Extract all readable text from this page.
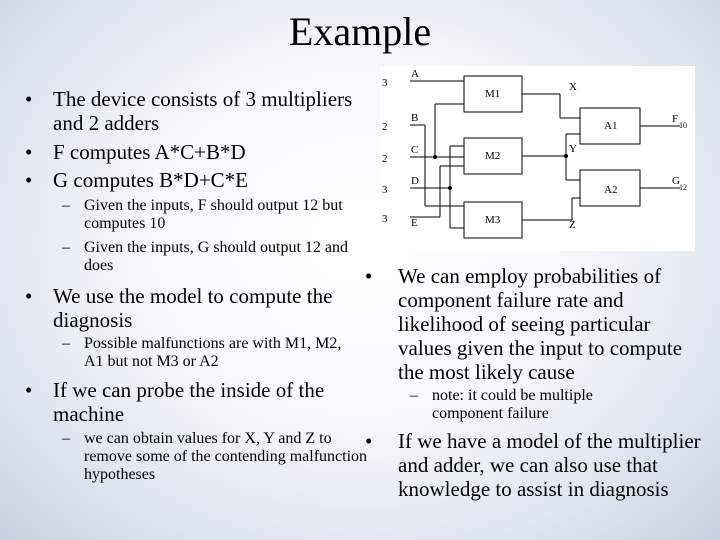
Example
• The device consists of 3 multipliers and 2 adders
• F computes A*C+B*D
• G computes B*D+C*E
– Given the inputs, F should output 12 but computes 10
– Given the inputs, G should output 12 and does
• We use the model to compute the diagnosis
– Possible malfunctions are with M1, M2, A1 but not M3 or A2
• If we can probe the inside of the machine
– we can obtain values for X, Y and Z to remove some of the contending malfunction hypotheses
• We can employ probabilities of component failure rate and likelihood of seeing particular values given the input to compute the most likely cause
– note: it could be multiple component failure
• If we have a model of the multiplier and adder, we can also use that knowledge to assist in diagnosis
3
2
2
3
3
A
B
C
D
E
M1
M2
M3
A1
A2
X
Y
Z
F
10
G
12
